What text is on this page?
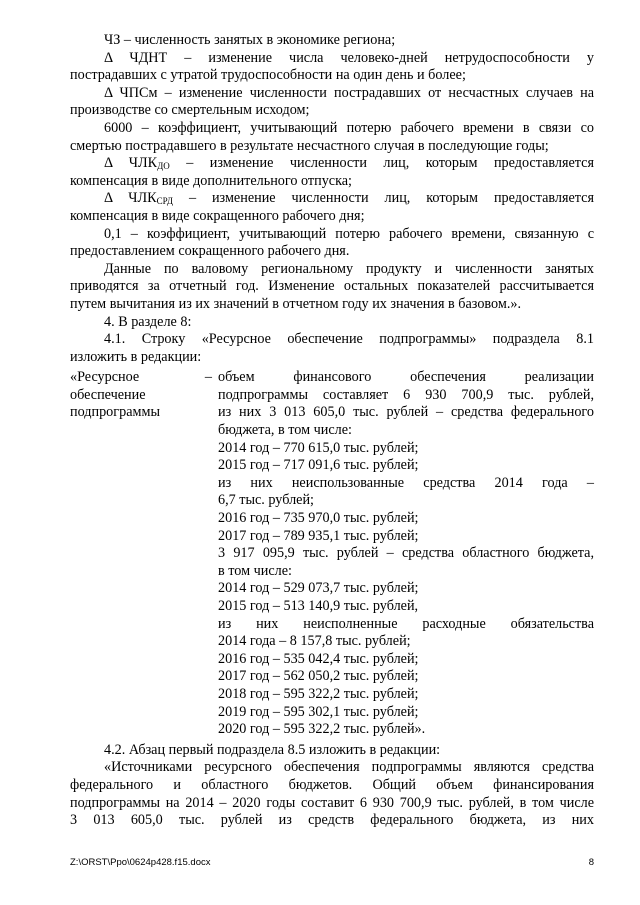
ЧЗ – численность занятых в экономике региона;

Δ ЧДНТ – изменение числа человеко-дней нетрудоспособности у

пострадавших с утратой трудоспособности на один день и более;

Δ ЧПСм – изменение численности пострадавших от несчастных случаев на

производстве со смертельным исходом;

6000 – коэффициент, учитывающий потерю рабочего времени в связи со

смертью пострадавшего в результате несчастного случая в последующие годы;

Δ $ЧЛК_{ДО}$ – изменение численности лиц, которым предоставляется

компенсация в виде дополнительного отпуска;

Δ $ЧЛК_{СРД}$ – изменение численности лиц, которым предоставляется

компенсация в виде сокращенного рабочего дня;

0,1 – коэффициент, учитывающий потерю рабочего времени, связанную с

предоставлением сокращенного рабочего дня.

Данные по валовому региональному продукту и численности занятых

приводятся за отчетный год. Изменение остальных показателей рассчитывается

путем вычитания из их значений в отчетном году их значения в базовом.».

4. В разделе 8:

4.1. Строку «Ресурсное обеспечение подпрограммы» подраздела 8.1

изложить в редакции:

«Ресурсное
обеспечение
подпрограммы
– объем финансового обеспечения реализации
подпрограммы составляет 6 930 700,9 тыс. рублей,
из них 3 013 605,0 тыс. рублей – средства федерального
бюджета, в том числе:
2014 год – 770 615,0 тыс. рублей;
2015 год – 717 091,6 тыс. рублей;
из них неиспользованные средства 2014 года –
6,7 тыс. рублей;
2016 год – 735 970,0 тыс. рублей;
2017 год – 789 935,1 тыс. рублей;
3 917 095,9 тыс. рублей – средства областного бюджета,
в том числе:
2014 год – 529 073,7 тыс. рублей;
2015 год – 513 140,9 тыс. рублей,
из них неисполненные расходные обязательства
2014 года – 8 157,8 тыс. рублей;
2016 год – 535 042,4 тыс. рублей;
2017 год – 562 050,2 тыс. рублей;
2018 год – 595 322,2 тыс. рублей;
2019 год – 595 302,1 тыс. рублей;
2020 год – 595 322,2 тыс. рублей».

4.2. Абзац первый подраздела 8.5 изложить в редакции:

«Источниками ресурсного обеспечения подпрограммы являются средства

федерального и областного бюджетов. Общий объем финансирования

подпрограммы на 2014 – 2020 годы составит 6 930 700,9 тыс. рублей, в том числе

3 013 605,0 тыс. рублей из средств федерального бюджета, из них

Z:\ORST\Ppo\0624p428.f15.docx	8
